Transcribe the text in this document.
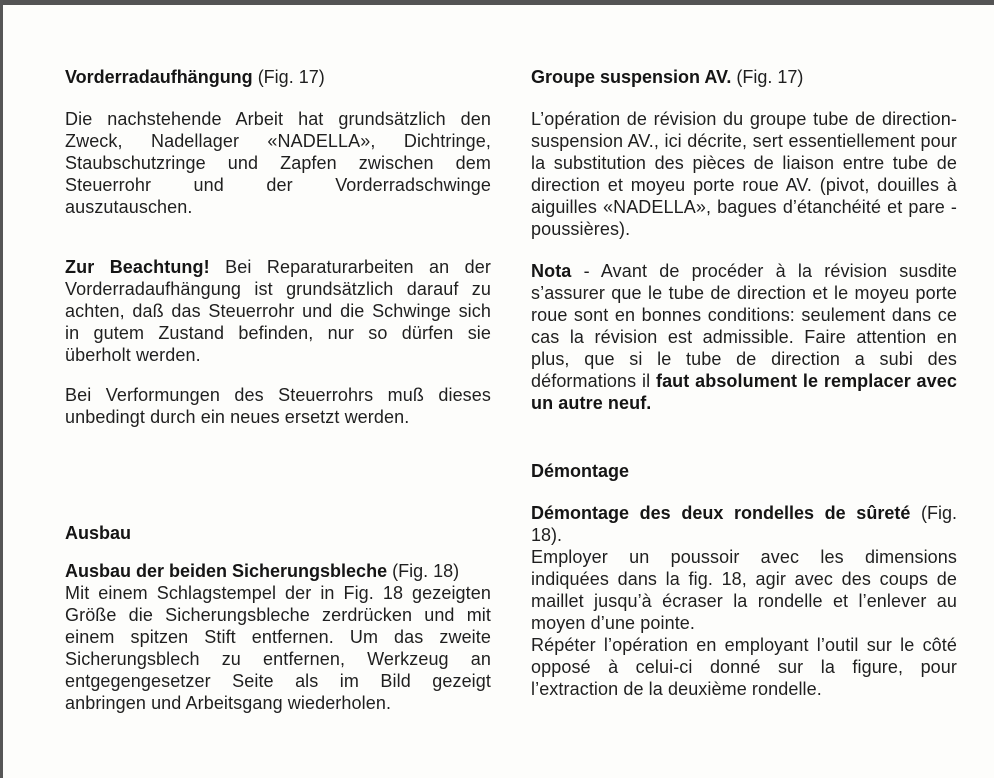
Vorderradaufhängung (Fig. 17)

Die nachstehende Arbeit hat grundsätzlich den Zweck, Nadellager «NADELLA», Dichtringe, Staubschutzringe und Zapfen zwischen dem Steuerrohr und der Vorderradschwinge auszutauschen.

Zur Beachtung! Bei Reparaturarbeiten an der Vorderradaufhängung ist grundsätzlich darauf zu achten, daß das Steuerrohr und die Schwinge sich in gutem Zustand befinden, nur so dürfen sie überholt werden.

Bei Verformungen des Steuerrohrs muß dieses unbedingt durch ein neues ersetzt werden.

Ausbau
Ausbau der beiden Sicherungsbleche (Fig. 18)

Mit einem Schlagstempel der in Fig. 18 gezeigten Größe die Sicherungsbleche zerdrücken und mit einem spitzen Stift entfernen. Um das zweite Sicherungsblech zu entfernen, Werkzeug an entgegengesetzer Seite als im Bild gezeigt anbringen und Arbeitsgang wiederholen.

Groupe suspension AV. (Fig. 17)

L’opération de révision du groupe tube de direction-suspension AV., ici décrite, sert essentiellement pour la substitution des pièces de liaison entre tube de direction et moyeu porte roue AV. (pivot, douilles à aiguilles «NADELLA», bagues d’étanchéité et pare - poussières).

Nota - Avant de procéder à la révision susdite s’assurer que le tube de direction et le moyeu porte roue sont en bonnes conditions: seulement dans ce cas la révision est admissible. Faire attention en plus, que si le tube de direction a subi des déformations il faut absolument le remplacer avec un autre neuf.

Démontage
Démontage des deux rondelles de sûreté (Fig. 18).

Employer un poussoir avec les dimensions indiquées dans la fig. 18, agir avec des coups de maillet jusqu’à écraser la rondelle et l’enlever au moyen d’une pointe.

Répéter l’opération en employant l’outil sur le côté opposé à celui-ci donné sur la figure, pour l’extraction de la deuxième rondelle.
